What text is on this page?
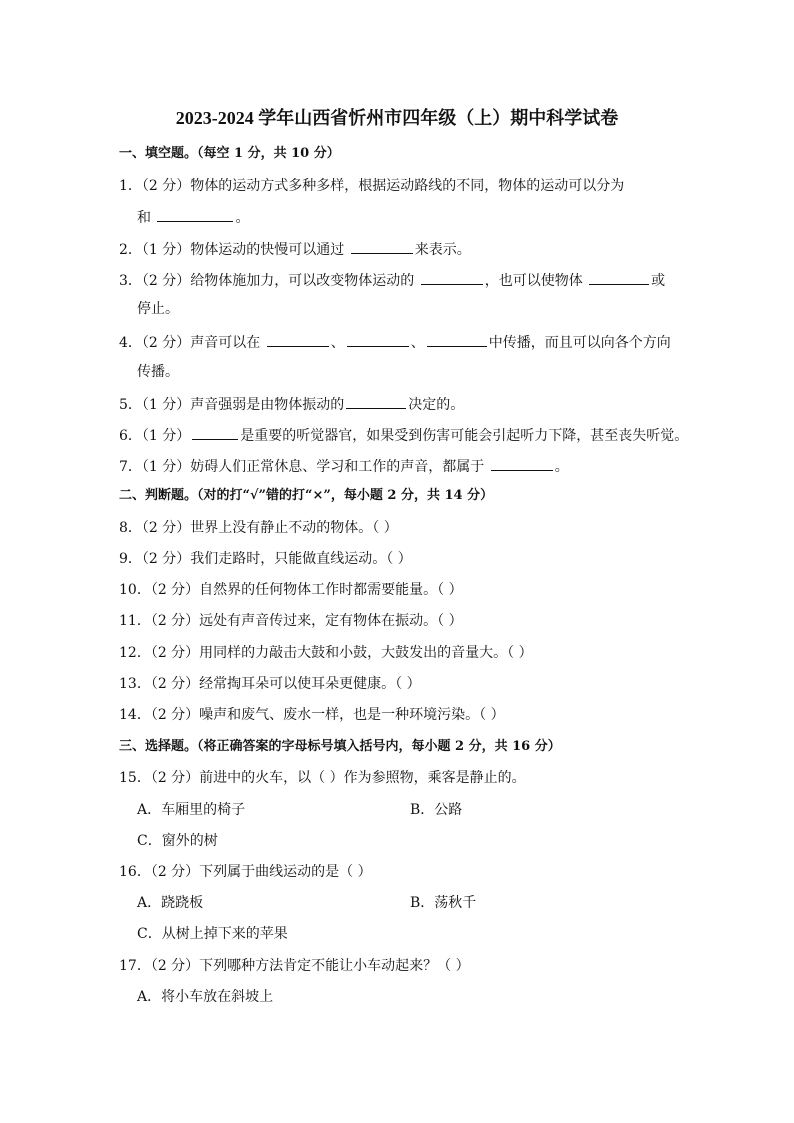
2023-2024 学年山西省忻州市四年级（上）期中科学试卷
一、填空题。（每空 1 分，共 10 分）
1．（2 分）物体的运动方式多种多样，根据运动路线的不同，物体的运动可以分为
和	。
2．（1 分）物体运动的快慢可以通过	来表示。
3．（2 分）给物体施加力，可以改变物体运动的	，也可以使物体	或
停止。
4．（2 分）声音可以在	、	、	中传播，而且可以向各个方向
传播。
5．（1 分）声音强弱是由物体振动的	决定的。
6．（1 分）	是重要的听觉器官，如果受到伤害可能会引起听力下降，甚至丧失听觉。
7．（1 分）妨碍人们正常休息、学习和工作的声音，都属于	。
二、判断题。（对的打“√”错的打“×”，每小题 2 分，共 14 分）
8．（2 分）世界上没有静止不动的物体。（ ）
9．（2 分）我们走路时，只能做直线运动。（ ）
10．（2 分）自然界的任何物体工作时都需要能量。（ ）
11．（2 分）远处有声音传过来，定有物体在振动。（ ）
12．（2 分）用同样的力敲击大鼓和小鼓，大鼓发出的音量大。（ ）
13．（2 分）经常掏耳朵可以使耳朵更健康。（ ）
14．（2 分）噪声和废气、废水一样，也是一种环境污染。（ ）
三、选择题。（将正确答案的字母标号填入括号内，每小题 2 分，共 16 分）
15．（2 分）前进中的火车，以（ ）作为参照物，乘客是静止的。
A．车厢里的椅子	B．公路
C．窗外的树
16．（2 分）下列属于曲线运动的是（ ）
A．跷跷板	B．荡秋千
C．从树上掉下来的苹果
17．（2 分）下列哪种方法肯定不能让小车动起来？（ ）
A．将小车放在斜坡上
